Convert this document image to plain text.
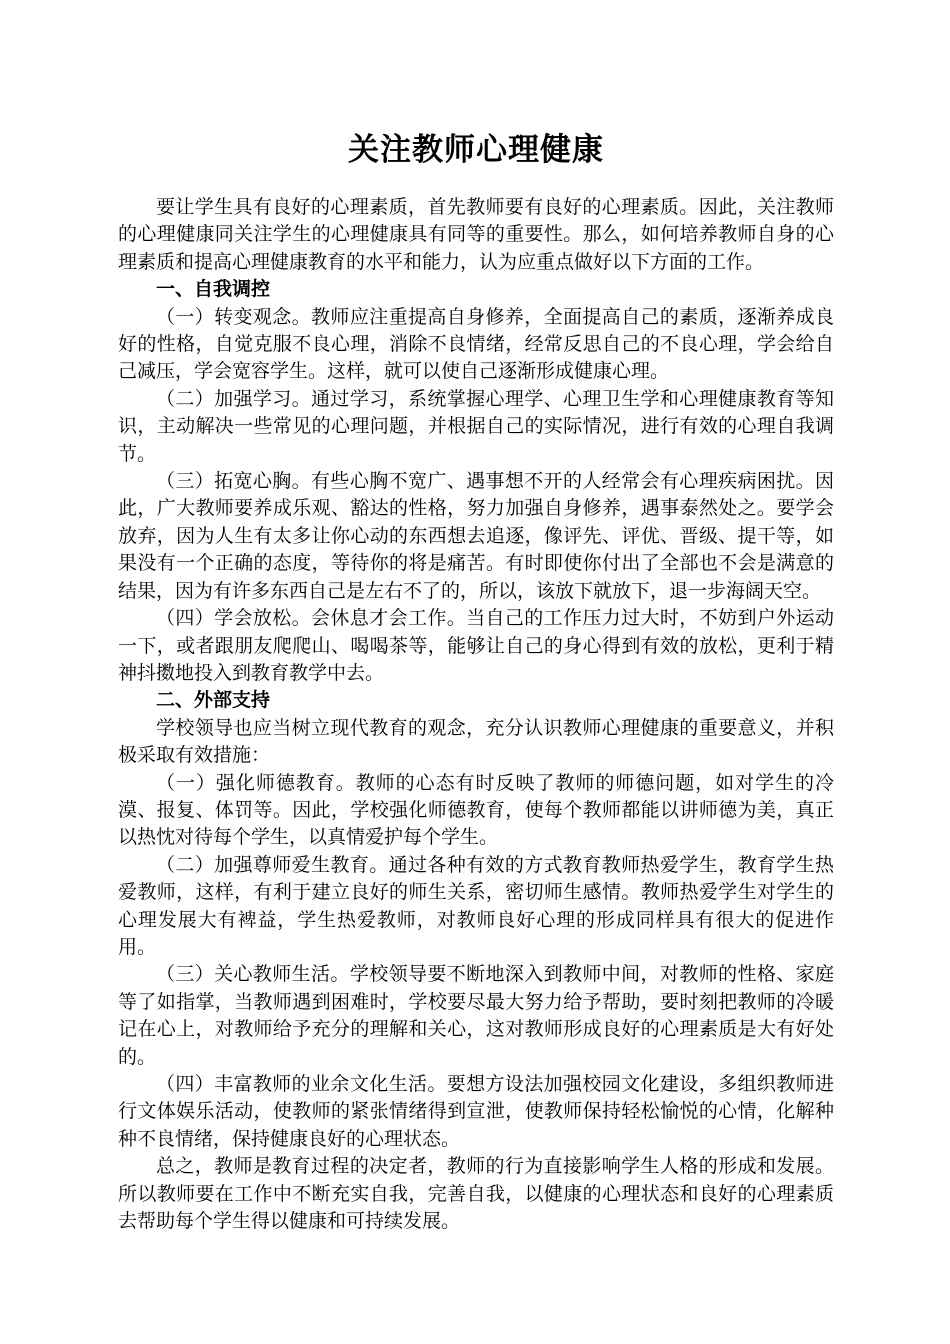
关注教师心理健康

要让学生具有良好的心理素质，首先教师要有良好的心理素质。因此，关注教师的心理健康同关注学生的心理健康具有同等的重要性。那么，如何培养教师自身的心理素质和提高心理健康教育的水平和能力，认为应重点做好以下方面的工作。

一、自我调控

（一）转变观念。教师应注重提高自身修养，全面提高自己的素质，逐渐养成良好的性格，自觉克服不良心理，消除不良情绪，经常反思自己的不良心理，学会给自己减压，学会宽容学生。这样，就可以使自己逐渐形成健康心理。

（二）加强学习。通过学习，系统掌握心理学、心理卫生学和心理健康教育等知识，主动解决一些常见的心理问题，并根据自己的实际情况，进行有效的心理自我调节。

（三）拓宽心胸。有些心胸不宽广、遇事想不开的人经常会有心理疾病困扰。因此，广大教师要养成乐观、豁达的性格，努力加强自身修养，遇事泰然处之。要学会放弃，因为人生有太多让你心动的东西想去追逐，像评先、评优、晋级、提干等，如果没有一个正确的态度，等待你的将是痛苦。有时即使你付出了全部也不会是满意的结果，因为有许多东西自己是左右不了的，所以，该放下就放下，退一步海阔天空。

（四）学会放松。会休息才会工作。当自己的工作压力过大时，不妨到户外运动一下，或者跟朋友爬爬山、喝喝茶等，能够让自己的身心得到有效的放松，更利于精神抖擞地投入到教育教学中去。

二、外部支持

学校领导也应当树立现代教育的观念，充分认识教师心理健康的重要意义，并积极采取有效措施：

（一）强化师德教育。教师的心态有时反映了教师的师德问题，如对学生的冷漠、报复、体罚等。因此，学校强化师德教育，使每个教师都能以讲师德为美，真正以热忱对待每个学生，以真情爱护每个学生。

（二）加强尊师爱生教育。通过各种有效的方式教育教师热爱学生，教育学生热爱教师，这样，有利于建立良好的师生关系，密切师生感情。教师热爱学生对学生的心理发展大有裨益，学生热爱教师，对教师良好心理的形成同样具有很大的促进作用。

（三）关心教师生活。学校领导要不断地深入到教师中间，对教师的性格、家庭等了如指掌，当教师遇到困难时，学校要尽最大努力给予帮助，要时刻把教师的冷暖记在心上，对教师给予充分的理解和关心，这对教师形成良好的心理素质是大有好处的。

（四）丰富教师的业余文化生活。要想方设法加强校园文化建设，多组织教师进行文体娱乐活动，使教师的紧张情绪得到宣泄，使教师保持轻松愉悦的心情，化解种种不良情绪，保持健康良好的心理状态。

总之，教师是教育过程的决定者，教师的行为直接影响学生人格的形成和发展。所以教师要在工作中不断充实自我，完善自我，以健康的心理状态和良好的心理素质去帮助每个学生得以健康和可持续发展。
